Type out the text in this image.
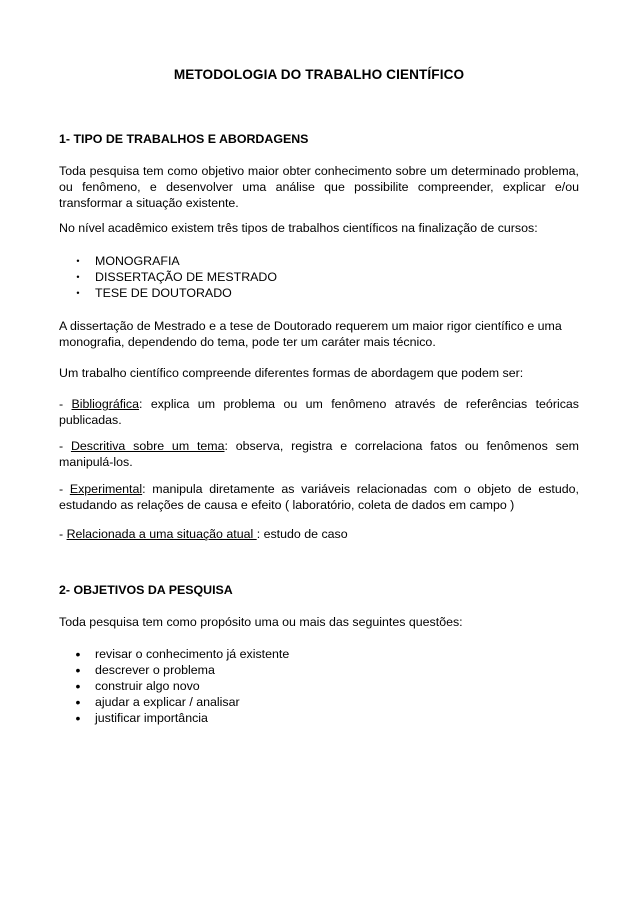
METODOLOGIA DO TRABALHO CIENTÍFICO
1- TIPO DE TRABALHOS E ABORDAGENS

Toda pesquisa tem como objetivo maior obter conhecimento sobre um determinado problema, ou fenômeno, e desenvolver uma análise que possibilite compreender, explicar e/ou transformar a situação existente.

No nível acadêmico existem três tipos de trabalhos científicos na finalização de cursos:

•	MONOGRAFIA
•	DISSERTAÇÃO DE MESTRADO
•	TESE DE DOUTORADO

A dissertação de Mestrado e a tese de Doutorado requerem um maior rigor científico e uma monografia, dependendo do tema, pode ter um caráter mais técnico.

Um trabalho científico compreende diferentes formas de abordagem que podem ser:

- Bibliográfica: explica um problema ou um fenômeno através de referências teóricas publicadas.

- Descritiva sobre um tema: observa, registra e correlaciona fatos ou fenômenos sem manipulá-los.

- Experimental: manipula diretamente as variáveis relacionadas com o objeto de estudo, estudando as relações de causa e efeito ( laboratório, coleta de dados em campo )

- Relacionada a uma situação atual : estudo de caso

2- OBJETIVOS DA PESQUISA

Toda pesquisa tem como propósito uma ou mais das seguintes questões:

• revisar o conhecimento já existente
• descrever o problema
• construir algo novo
• ajudar a explicar / analisar
• justificar importância
